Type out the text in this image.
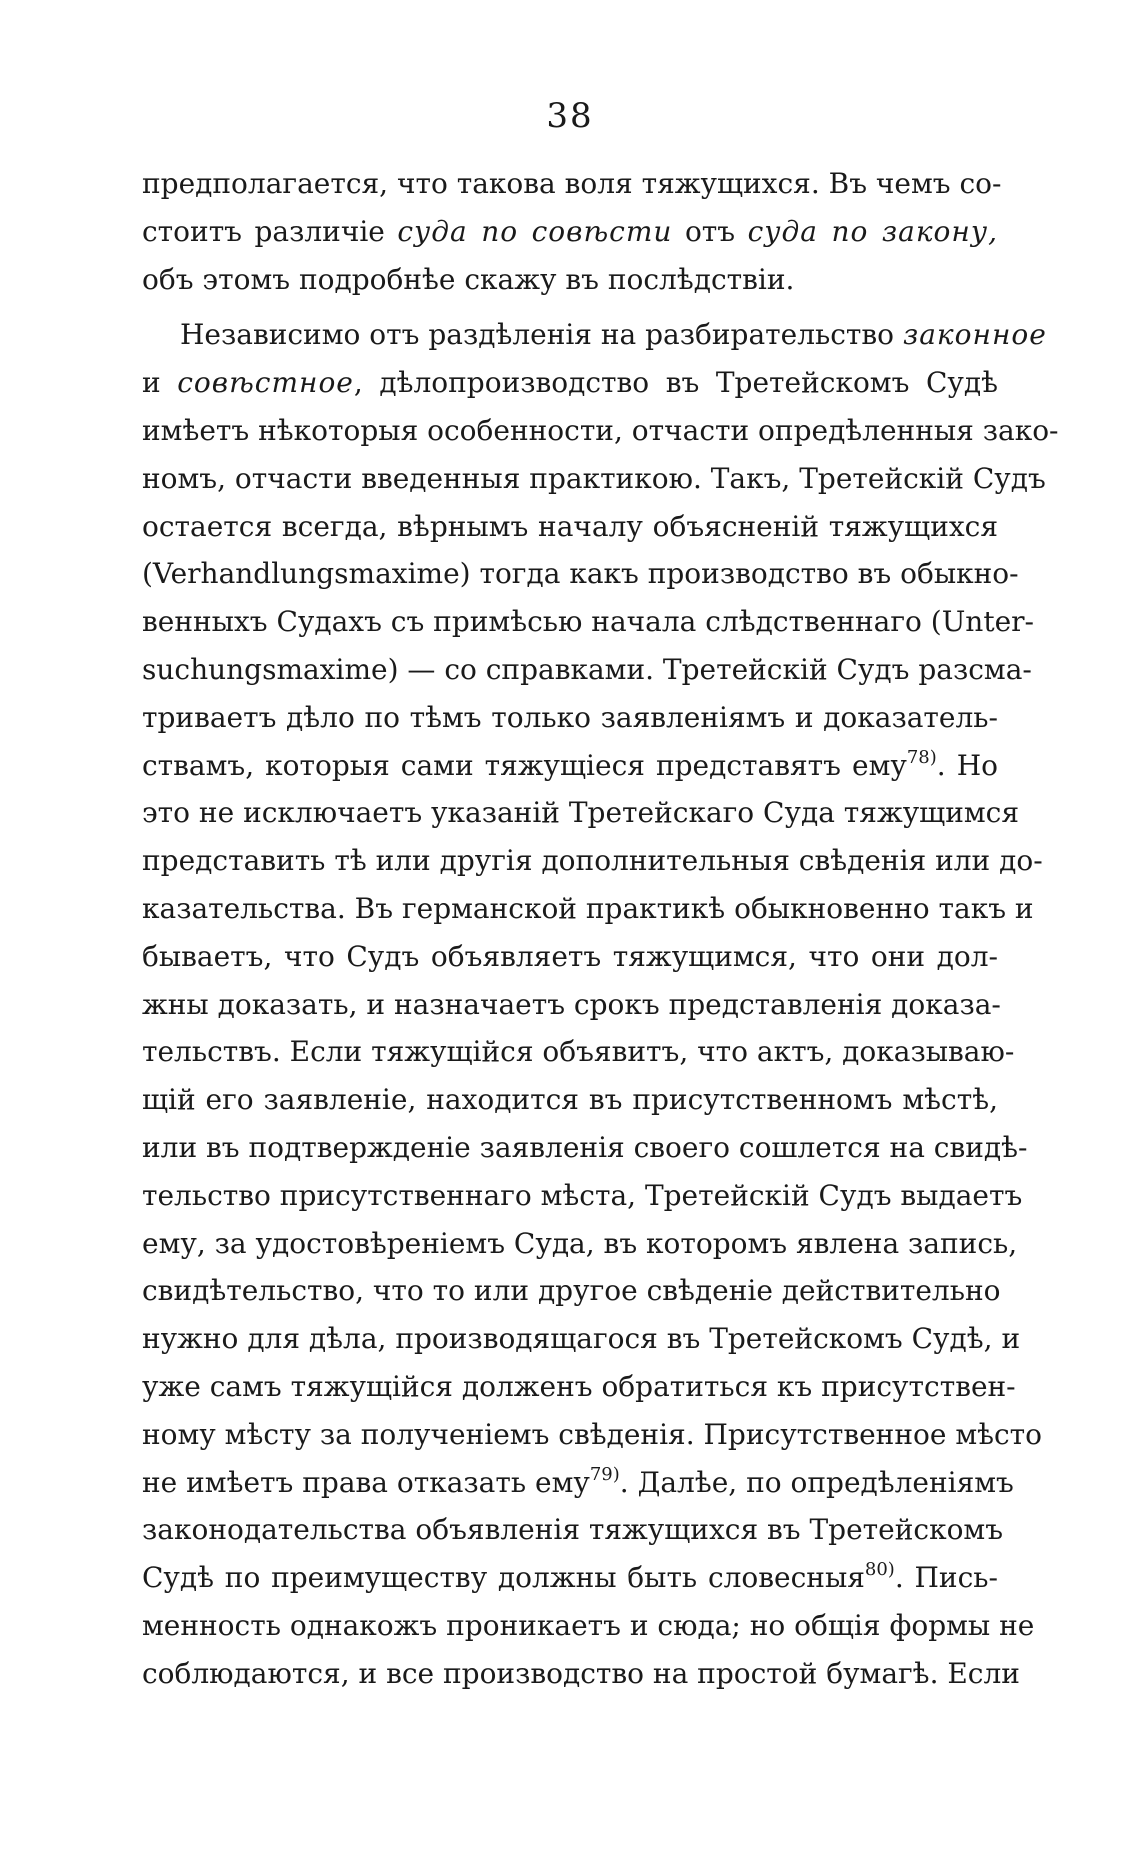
38
предполагается, что такова воля тяжущихся. Въ чемъ со-
стоитъ различіе суда по совѣсти отъ суда по закону,
объ этомъ подробнѣе скажу въ послѣдствіи.
Независимо отъ раздѣленія на разбирательство законное
и совѣстное, дѣлопроизводство въ Третейскомъ Судѣ
имѣетъ нѣкоторыя особенности, отчасти опредѣленныя зако-
номъ, отчасти введенныя практикою. Такъ, Третейскій Судъ
остается всегда, вѣрнымъ началу объясненій тяжущихся
(Verhandlungsmaxime) тогда какъ производство въ обыкно-
венныхъ Судахъ съ примѣсью начала слѣдственнаго (Unter-
suchungsmaxime) — со справками. Третейскій Судъ разсма-
триваетъ дѣло по тѣмъ только заявленіямъ и доказатель-
ствамъ, которыя сами тяжущіеся представятъ ему$^{78)}$. Но
это не исключаетъ указаній Третейскаго Суда тяжущимся
представить тѣ или другія дополнительныя свѣденія или до-
казательства. Въ германской практикѣ обыкновенно такъ и
бываетъ, что Судъ объявляетъ тяжущимся, что они дол-
жны доказать, и назначаетъ срокъ представленія доказа-
тельствъ. Если тяжущійся объявитъ, что актъ, доказываю-
щій его заявленіе, находится въ присутственномъ мѣстѣ,
или въ подтвержденіе заявленія своего сошлется на свидѣ-
тельство присутственнаго мѣста, Третейскій Судъ выдаетъ
ему, за удостовѣреніемъ Суда, въ которомъ явлена запись,
свидѣтельство, что то или другое свѣденіе действительно
нужно для дѣла, производящагося въ Третейскомъ Судѣ, и
уже самъ тяжущійся долженъ обратиться къ присутствен-
ному мѣсту за полученіемъ свѣденія. Присутственное мѣсто
не имѣетъ права отказать ему$^{79)}$. Далѣе, по опредѣленіямъ
законодательства объявленія тяжущихся въ Третейскомъ
Судѣ по преимуществу должны быть словесныя$^{80)}$. Пись-
менность однакожъ проникаетъ и сюда; но общія формы не
соблюдаются, и все производство на простой бумагѣ. Если
